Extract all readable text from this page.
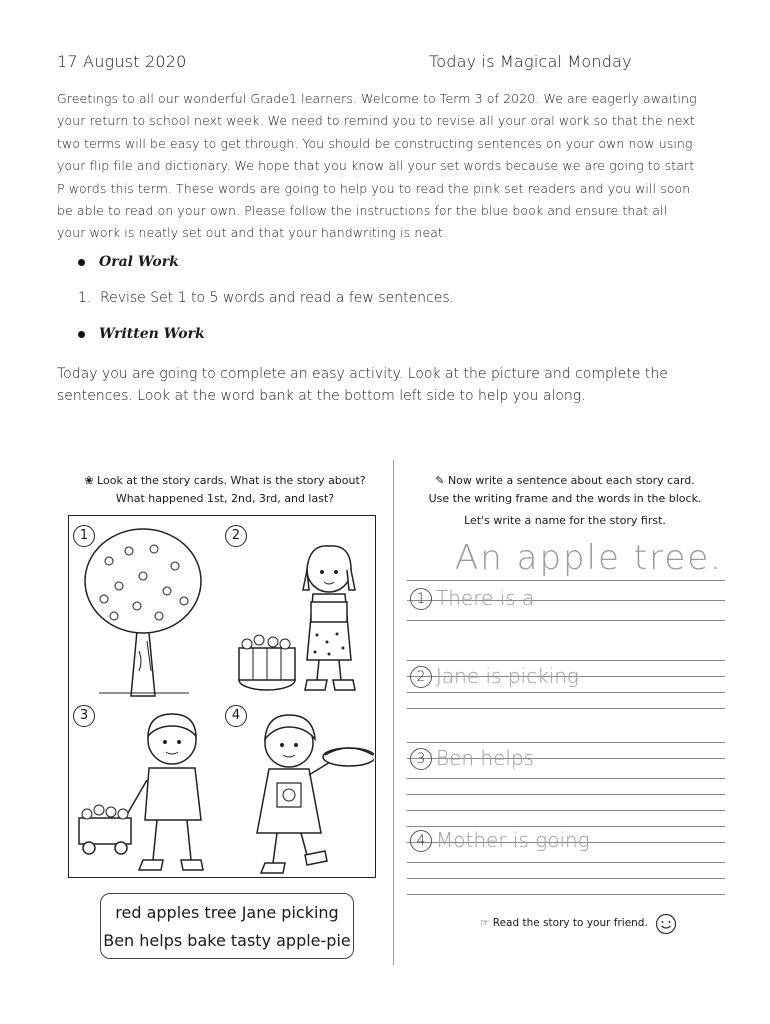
17 August 2020	Today is Magical Monday
Greetings to all our wonderful Grade1 learners. Welcome to Term 3 of 2020. We are eagerly awaiting
your return to school next week. We need to remind you to revise all your oral work so that the next
two terms will be easy to get through. You should be constructing sentences on your own now using
your flip file and dictionary. We hope that you know all your set words because we are going to start
P words this term. These words are going to help you to read the pink set readers and you will soon
be able to read on your own. Please follow the instructions for the blue book and ensure that all
your work is neatly set out and that your handwriting is neat.
Oral Work
1. Revise Set 1 to 5 words and read a few sentences.
Written Work
Today you are going to complete an easy activity. Look at the picture and complete the
sentences. Look at the word bank at the bottom left side to help you along.
❀ Look at the story cards. What is the story about?
What happened 1st, 2nd, 3rd, and last?
1	2
3	4
red apples tree Jane picking
Ben helps bake tasty apple-pie
✎ Now write a sentence about each story card.
Use the writing frame and the words in the block.
Let's write a name for the story first.
An apple tree.
1 There is a
2 Jane is picking
3 Ben helps
4 Mother is going
☞ Read the story to your friend.
